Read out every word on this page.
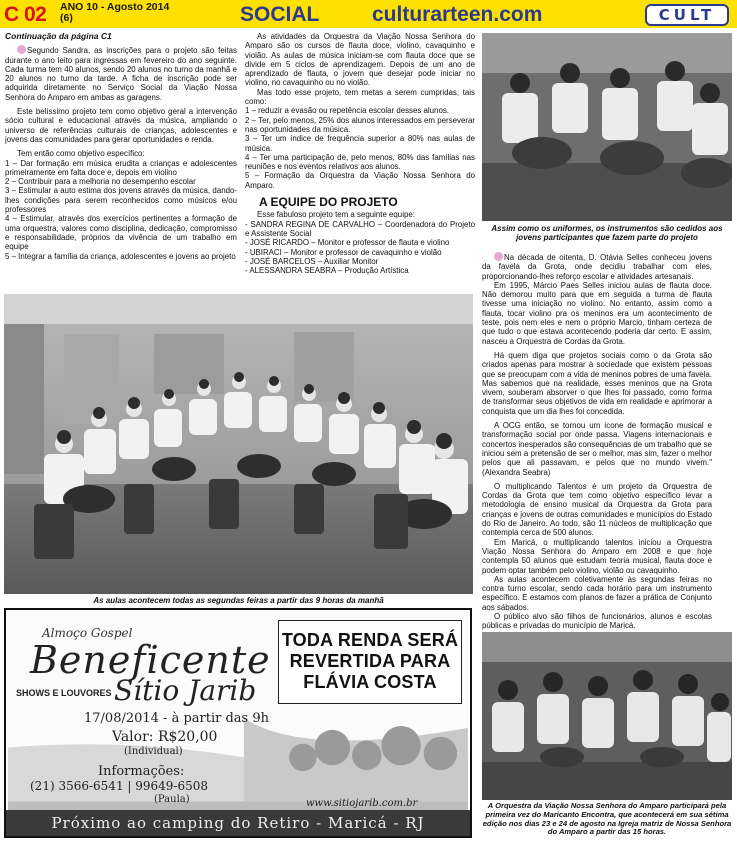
C 02 ANO 10 - Agosto 2014
(6)	SOCIAL	culturarteen.com	CULT
Continuação da página C1

Segundo Sandra, as inscrições para o projeto são feitas durante o ano leito para ingressas em fevereiro do ano seguinte. Cada turma tem 40 alunos, sendo 20 alunos no turno da manhã e 20 alunos no turno da tarde. A ficha de inscrição pode ser adquirida diretamente no Serviço Social da Viação Nossa Senhora do Amparo em ambas as garagens.

Este belíssimo projeto tem como objetivo geral a intervenção sócio cultural e educacional através da música, ampliando o universo de referências culturais de crianças, adolescentes e jovens das comunidades para gerar oportunidades e renda.

Tem então como objetivo específico:

1 – Dar formação em música erudita a crianças e adolescentes primeiramente em falta doce e, depois em violino

2 – Contribuir para a melhoria no desempenho escolar

3 – Estimular a auto estima dos jovens através da música, dando-lhes condições para serem reconhecidos como músicos e/ou professores

4 – Estimular, através dos exercícios pertinentes a formação de uma orquestra, valores como disciplina, dedicação, compromisso e responsabilidade, próprios da vivência de um trabalho em equipe

5 – Integrar a família da criança, adolescentes e jovens ao projeto

As atividades da Orquestra da Viação Nossa Senhora do Amparo são os cursos de flauta doce, violino, cavaquinho e violão. As aulas de música iniciam-se com flauta doce que se divide em 5 ciclos de aprendizagem. Depois de um ano de aprendizado de flauta, o jovem que desejar pode iniciar no violino, no cavaquinho ou no violão.

Mas todo esse projeto, tem metas a serem cumpridas, tais como:

1 – reduzir a evasão ou repetência escolar desses alunos.

2 – Ter, pelo menos, 25% dos alunos interessados em perseverar nas oportunidades da música.

3 – Ter um índice de frequência superior a 80% nas aulas de música.

4 – Ter uma participação de, pelo menos, 80% das famílias nas reuniões e nos eventos relativos aos alunos.

5 – Formação da Orquestra da Viação Nossa Senhora do Amparo.

A EQUIPE DO PROJETO

Esse fabuloso projeto tem a seguinte equipe:

- SANDRA REGINA DE CARVALHO – Coordenadora do Projeto e Assistente Social

- JOSÉ RICARDO – Monitor e professor de flauta e violino

- UBIRACI – Monitor e professor de cavaquinho e violão

- JOSÉ BARCELOS – Auxiliar Monitor

- ALESSANDRA SEABRA – Produção Artística

As aulas acontecem todas as segundas feiras a partir das 9 horas da manhã
Almoço Gospel
Beneficente
SHOWS E LOUVORES Sítio Jarib
17/08/2014 - à partir das 9h
Valor: R$20,00
(Individual)
Informações:
(21) 3566-6541 | 99649-6508
(Paula)	www.sitiojarib.com.br
TODA RENDA SERÁ
REVERTIDA PARA
FLÁVIA COSTA
Próximo ao camping do Retiro - Maricá - RJ
Assim como os uniformes, os instrumentos são cedidos aos jovens participantes que fazem parte do projeto

Na década de oitenta, D. Otávia Selles conheceu jovens da favela da Grota, onde decidiu trabalhar com eles, proporcionando-lhes reforço escolar e atividades artesanais.

Em 1995, Márcio Paes Selles iniciou aulas de flauta doce. Não demorou muito para que em seguida a turma de flauta tivesse uma iniciação no violino. No entanto, assim como a flauta, tocar violino pra os meninos era um acontecimento de teste, pois nem eles e nem o próprio Marcio, tinham certeza de que tudo o que estava acontecendo poderia dar certo. E assim, nasceu a Orquestra de Cordas da Grota.

Há quem diga que projetos sociais como o da Grota são criados apenas para mostrar à sociedade que existem pessoas que se preocupam com a vida de meninos pobres de uma favela. Mas sabemos que na realidade, esses meninos que na Grota vivem, souberam absorver o que lhes foi passado, como forma de transformar seus objetivos de vida em realidade e aprimorar a conquista que um dia lhes foi concedida.

A OCG então, se tornou um ícone de formação musical e transformação social por onde passa. Viagens internacionais e concertos inesperados são consequências de um trabalho que se iniciou sem a pretensão de ser o melhor, mas sim, fazer o melhor pelos que ali passavam, e pelos que no mundo vivem." (Alexandra Seabra)

O multiplicando Talentos é um projeto da Orquestra de Cordas da Grota que tem como objetivo específico levar a metodologia de ensino musical da Orquestra da Grota para crianças e jovens de outras comunidades e municípios do Estado do Rio de Janeiro. Ao todo, são 11 núcleos de multiplicação que contempla cerca de 500 alunos.

Em Maricá, o multiplicando talentos iniciou a Orquestra Viação Nossa Senhora do Amparo em 2008 e que hoje contempla 50 alunos que estudam teoria musical, flauta doce e podem optar também pelo violino, violão ou cavaquinho.

As aulas acontecem coletivamente às segundas feiras no contra turno escolar, sendo cada horário para um instrumento específico. E estamos com planos de fazer a prática de Conjunto aos sábados.

O público alvo são filhos de funcionários, alunos e escolas públicas e privadas do município de Maricá.

A Orquestra da Viação Nossa Senhora do Amparo participará pela primeira vez do Maricanto Encontra, que acontecerá em sua sétima edição nos dias 23 e 24 de agosto na Igreja matriz de Nossa Senhora do Amparo a partir das 15 horas.
